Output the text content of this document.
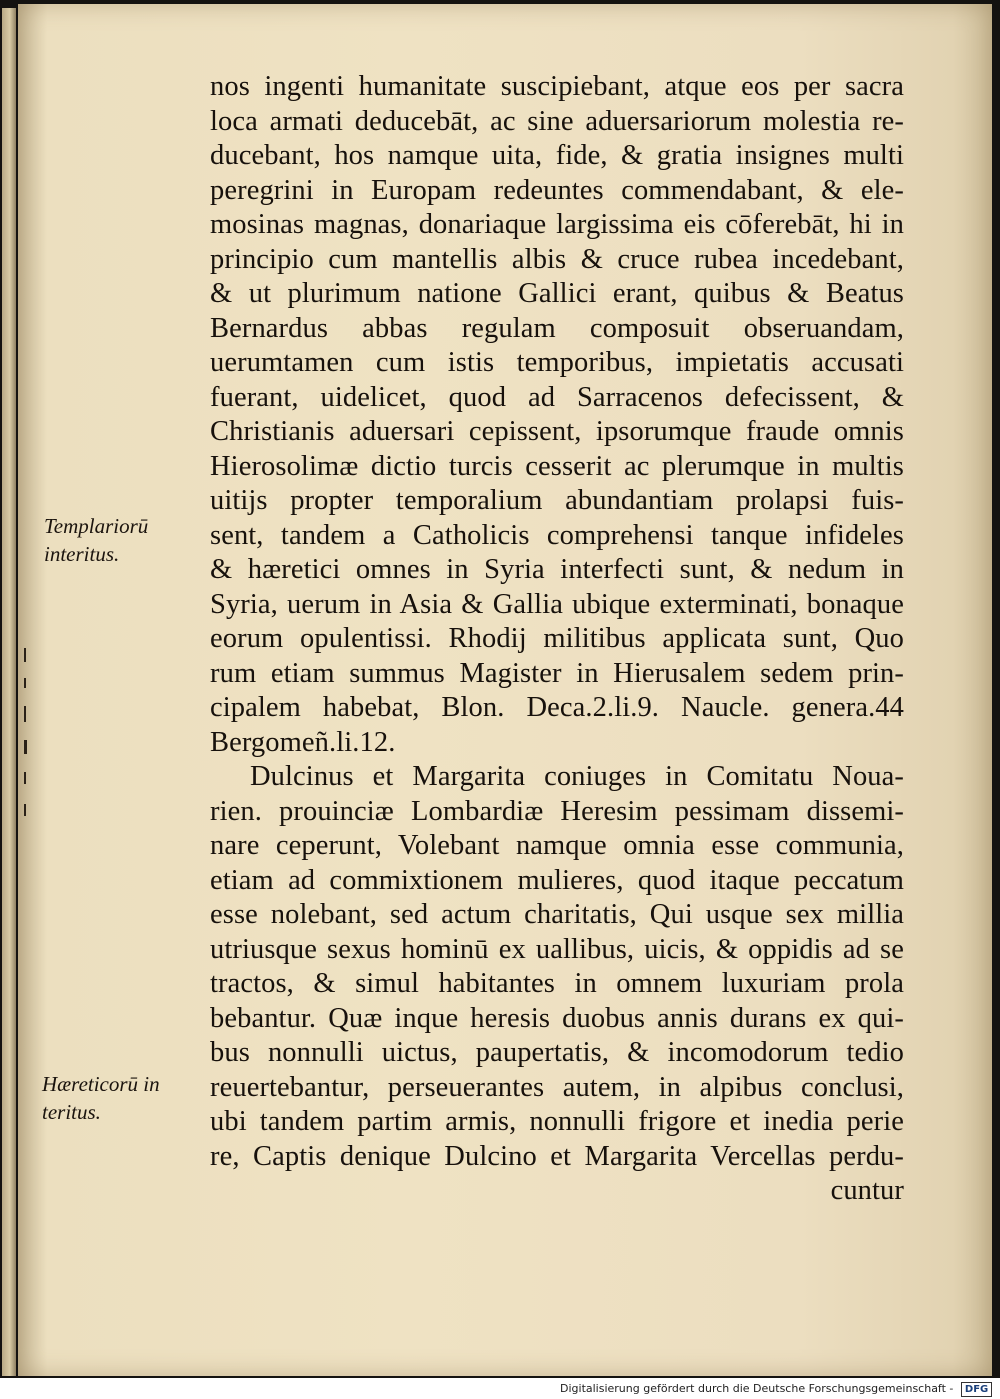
nos ingenti humanitate suscipiebant, atque eos per sacra
loca armati deducebāt, ac sine aduersariorum molestia re-
ducebant, hos namque uita, fide, & gratia insignes multi
peregrini in Europam redeuntes commendabant, & ele-
mosinas magnas, donariaque largissima eis cōferebāt, hi in
principio cum mantellis albis & cruce rubea incedebant,
& ut plurimum natione Gallici erant, quibus & Beatus
Bernardus abbas regulam composuit obseruandam,
uerumtamen cum istis temporibus, impietatis accusati
fuerant, uidelicet, quod ad Sarracenos defecissent, &
Christianis aduersari cepissent, ipsorumque fraude omnis
Hierosolimæ dictio turcis cesserit ac plerumque in multis
uitijs propter temporalium abundantiam prolapsi fuis-
sent, tandem a Catholicis comprehensi tanque infideles
& hæretici omnes in Syria interfecti sunt, & nedum in
Syria, uerum in Asia & Gallia ubique exterminati, bonaque
eorum opulentissi. Rhodij militibus applicata sunt, Quo
rum etiam summus Magister in Hierusalem sedem prin-
cipalem habebat, Blon. Deca.2.li.9. Naucle. genera.44
Bergomeñ.li.12.
Dulcinus et Margarita coniuges in Comitatu Noua-
rien. prouinciæ Lombardiæ Heresim pessimam dissemi-
nare ceperunt, Volebant namque omnia esse communia,
etiam ad commixtionem mulieres, quod itaque peccatum
esse nolebant, sed actum charitatis, Qui usque sex millia
utriusque sexus hominū ex uallibus, uicis, & oppidis ad se
tractos, & simul habitantes in omnem luxuriam prola
bebantur. Quæ inque heresis duobus annis durans ex qui-
bus nonnulli uictus, paupertatis, & incomodorum tedio
reuertebantur, perseuerantes autem, in alpibus conclusi,
ubi tandem partim armis, nonnulli frigore et inedia perie
re, Captis denique Dulcino et Margarita Vercellas perdu-
cuntur
Templariorū
interitus.
Hæreticorū in
teritus.
Digitalisierung gefördert durch die Deutsche Forschungsgemeinschaft - DFG
